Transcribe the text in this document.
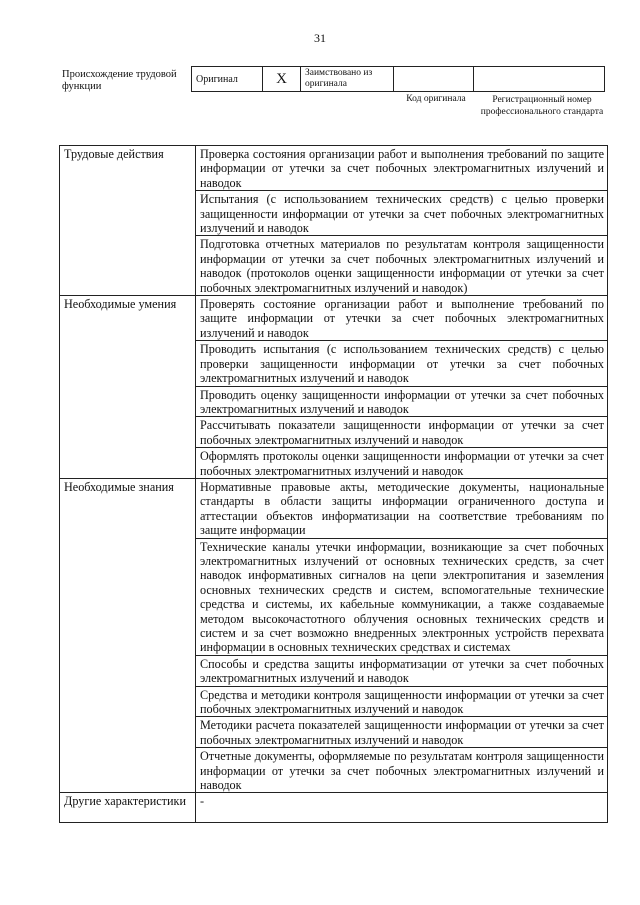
31
Происхождение трудовой функции
Оригинал	X	Заимствовано из оригинала		
Код оригинала	Регистрационный номер профессионального стандарта
Трудовые действия	Проверка состояния организации работ и выполнения требований по защите информации от утечки за счет побочных электромагнитных излучений и наводок
	Испытания (с использованием технических средств) с целью проверки защищенности информации от утечки за счет побочных электромагнитных излучений и наводок
	Подготовка отчетных материалов по результатам контроля защищенности информации от утечки за счет побочных электромагнитных излучений и наводок (протоколов оценки защищенности информации от утечки за счет побочных электромагнитных излучений и наводок)
Необходимые умения	Проверять состояние организации работ и выполнение требований по защите информации от утечки за счет побочных электромагнитных излучений и наводок
	Проводить испытания (с использованием технических средств) с целью проверки защищенности информации от утечки за счет побочных электромагнитных излучений и наводок
	Проводить оценку защищенности информации от утечки за счет побочных электромагнитных излучений и наводок
	Рассчитывать показатели защищенности информации от утечки за счет побочных электромагнитных излучений и наводок
	Оформлять протоколы оценки защищенности информации от утечки за счет побочных электромагнитных излучений и наводок
Необходимые знания	Нормативные правовые акты, методические документы, национальные стандарты в области защиты информации ограниченного доступа и аттестации объектов информатизации на соответствие требованиям по защите информации
	Технические каналы утечки информации, возникающие за счет побочных электромагнитных излучений от основных технических средств, за счет наводок информативных сигналов на цепи электропитания и заземления основных технических средств и систем, вспомогательные технические средства и системы, их кабельные коммуникации, а также создаваемые методом высокочастотного облучения основных технических средств и систем и за счет возможно внедренных электронных устройств перехвата информации в основных технических средствах и системах
	Способы и средства защиты информатизации от утечки за счет побочных электромагнитных излучений и наводок
	Средства и методики контроля защищенности информации от утечки за счет побочных электромагнитных излучений и наводок
	Методики расчета показателей защищенности информации от утечки за счет побочных электромагнитных излучений и наводок
	Отчетные документы, оформляемые по результатам контроля защищенности информации от утечки за счет побочных электромагнитных излучений и наводок
Другие характеристики	-
